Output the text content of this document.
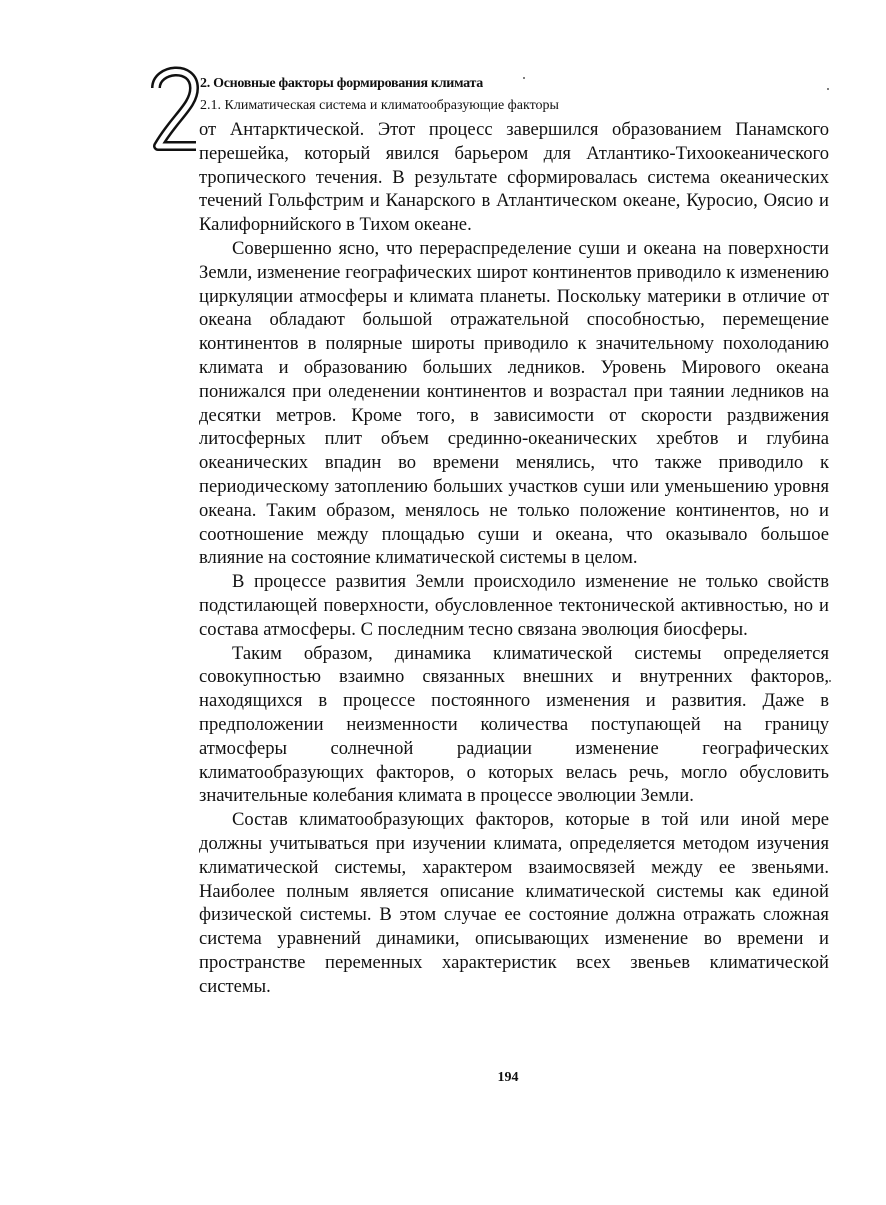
2. Основные факторы формирования климата
2.1. Климатическая система и климатообразующие факторы

от Антарктической. Этот процесс завершился образованием Панамского перешейка, который явился барьером для Атлантико-Тихоокеанического тропического течения. В результате сформировалась система океанических течений Гольфстрим и Канарского в Атлантическом океане, Куросио, Оясио и Калифорнийского в Тихом океане.

Совершенно ясно, что перераспределение суши и океана на поверхности Земли, изменение географических широт континентов приводило к изменению циркуляции атмосферы и климата планеты. Поскольку материки в отличие от океана обладают большой отражательной способностью, перемещение континентов в полярные широты приводило к значительному похолоданию климата и образованию больших ледников. Уровень Мирового океана понижался при оледенении континентов и возрастал при таянии ледников на десятки метров. Кроме того, в зависимости от скорости раздвижения литосферных плит объем срединно-океанических хребтов и глубина океанических впадин во времени менялись, что также приводило к периодическому затоплению больших участков суши или уменьшению уровня океана. Таким образом, менялось не только положение континентов, но и соотношение между площадью суши и океана, что оказывало большое влияние на состояние климатической системы в целом.

В процессе развития Земли происходило изменение не только свойств подстилающей поверхности, обусловленное тектонической активностью, но и состава атмосферы. С последним тесно связана эволюция биосферы.

Таким образом, динамика климатической системы определяется совокупностью взаимно связанных внешних и внутренних факторов, находящихся в процессе постоянного изменения и развития. Даже в предположении неизменности количества поступающей на границу атмосферы солнечной радиации изменение географических климатообразующих факторов, о которых велась речь, могло обусловить значительные колебания климата в процессе эволюции Земли.

Состав климатообразующих факторов, которые в той или иной мере должны учитываться при изучении климата, определяется методом изучения климатической системы, характером взаимосвязей между ее звеньями. Наиболее полным является описание климатической системы как единой физической системы. В этом случае ее состояние должна отражать сложная система уравнений динамики, описывающих изменение во времени и пространстве переменных характеристик всех звеньев климатической системы.

194
